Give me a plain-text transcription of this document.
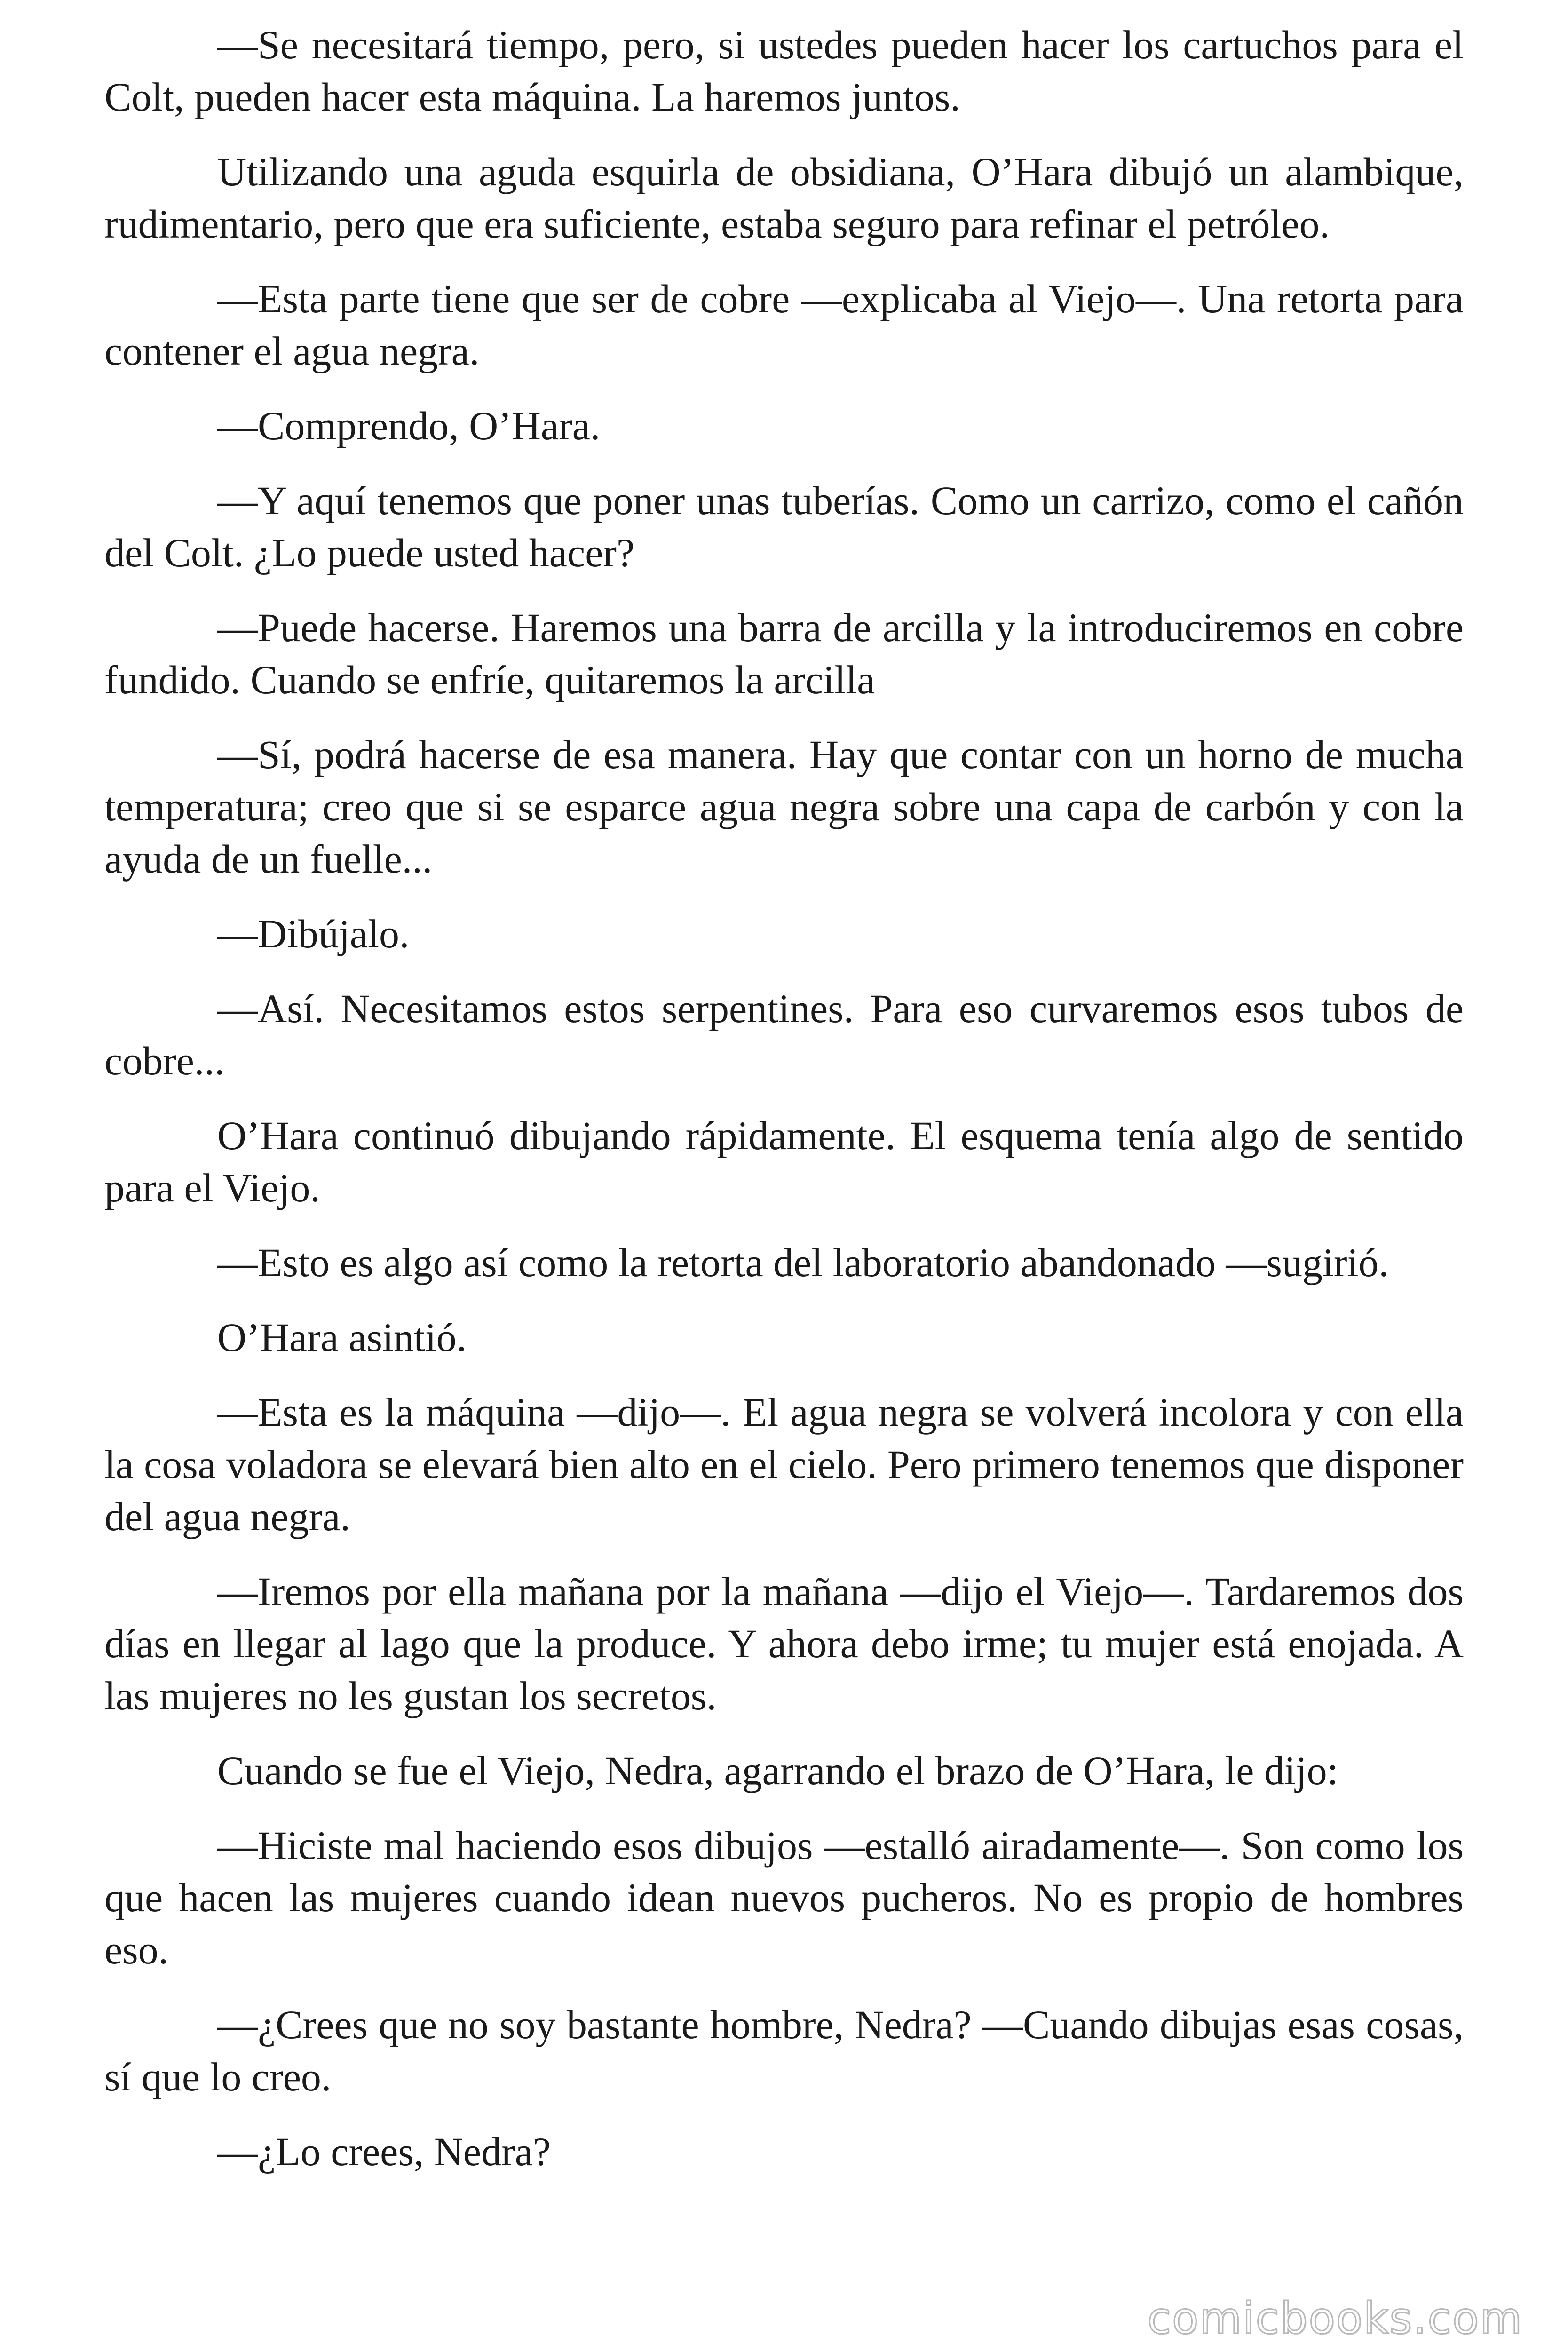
—Se necesitará tiempo, pero, si ustedes pueden hacer los cartuchos para el Colt, pueden hacer esta máquina. La haremos juntos.

Utilizando una aguda esquirla de obsidiana, O’Hara dibujó un alambique, rudimentario, pero que era suficiente, estaba seguro para refinar el petróleo.

—Esta parte tiene que ser de cobre —explicaba al Viejo—. Una retorta para contener el agua negra.

—Comprendo, O’Hara.

—Y aquí tenemos que poner unas tuberías. Como un carrizo, como el cañón del Colt. ¿Lo puede usted hacer?

—Puede hacerse. Haremos una barra de arcilla y la introduciremos en cobre fundido. Cuando se enfríe, quitaremos la arcilla

—Sí, podrá hacerse de esa manera. Hay que contar con un horno de mucha temperatura; creo que si se esparce agua negra sobre una capa de carbón y con la ayuda de un fuelle...

—Dibújalo.

—Así. Necesitamos estos serpentines. Para eso curvaremos esos tubos de cobre...

O’Hara continuó dibujando rápidamente. El esquema tenía algo de sentido para el Viejo.

—Esto es algo así como la retorta del laboratorio abandonado —sugirió.

O’Hara asintió.

—Esta es la máquina —dijo—. El agua negra se volverá incolora y con ella la cosa voladora se elevará bien alto en el cielo. Pero primero tenemos que disponer del agua negra.

—Iremos por ella mañana por la mañana —dijo el Viejo—. Tardaremos dos días en llegar al lago que la produce. Y ahora debo irme; tu mujer está enojada. A las mujeres no les gustan los secretos.

Cuando se fue el Viejo, Nedra, agarrando el brazo de O’Hara, le dijo:

—Hiciste mal haciendo esos dibujos —estalló airadamente—. Son como los que hacen las mujeres cuando idean nuevos pucheros. No es propio de hombres eso.

—¿Crees que no soy bastante hombre, Nedra? —Cuando dibujas esas cosas, sí que lo creo.

—¿Lo crees, Nedra?

comicbooks.com
